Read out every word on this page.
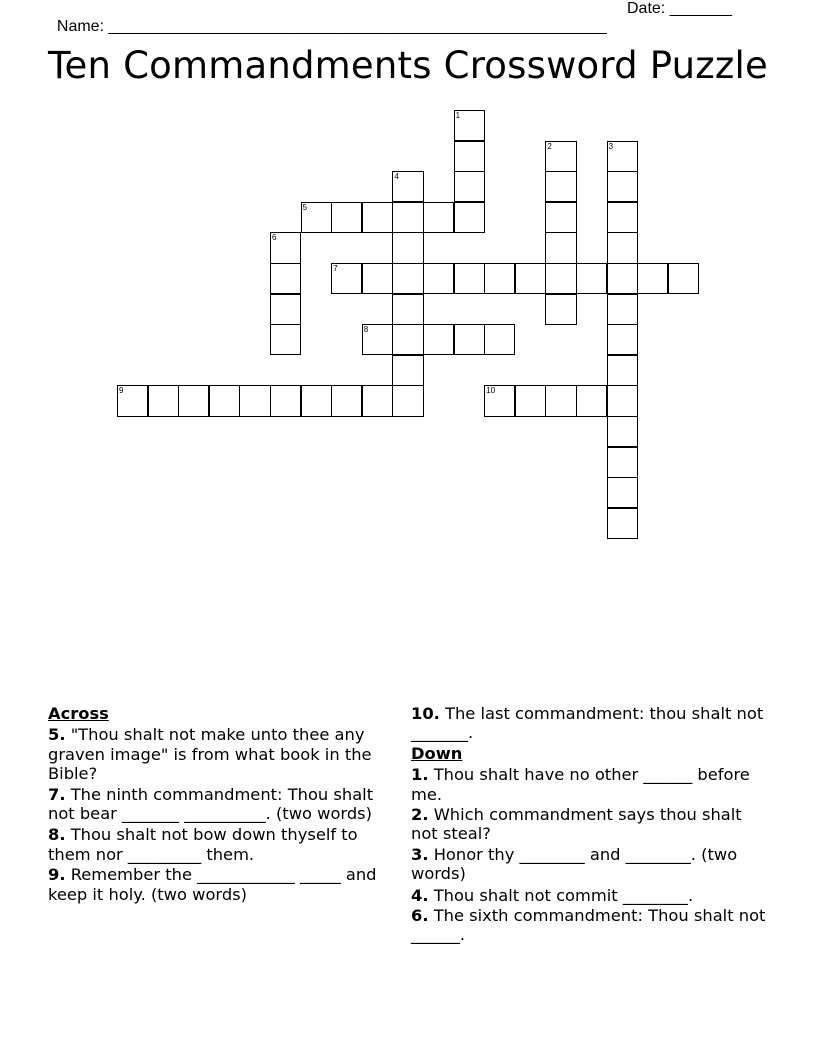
Name: ________________________________________________________

Date: _______

Ten Commandments Crossword Puzzle
1
2	3
4
5
6
7
8
9	10
Across
5. "Thou shalt not make unto thee any graven image" is from what book in the Bible?
7. The ninth commandment: Thou shalt not bear _______ __________. (two words)
8. Thou shalt not bow down thyself to them nor _________ them.
9. Remember the ____________ _____ and keep it holy. (two words)
10. The last commandment: thou shalt not _______.
Down
1. Thou shalt have no other ______ before me.
2. Which commandment says thou shalt not steal?
3. Honor thy ________ and ________. (two words)
4. Thou shalt not commit ________.
6. The sixth commandment: Thou shalt not ______.
